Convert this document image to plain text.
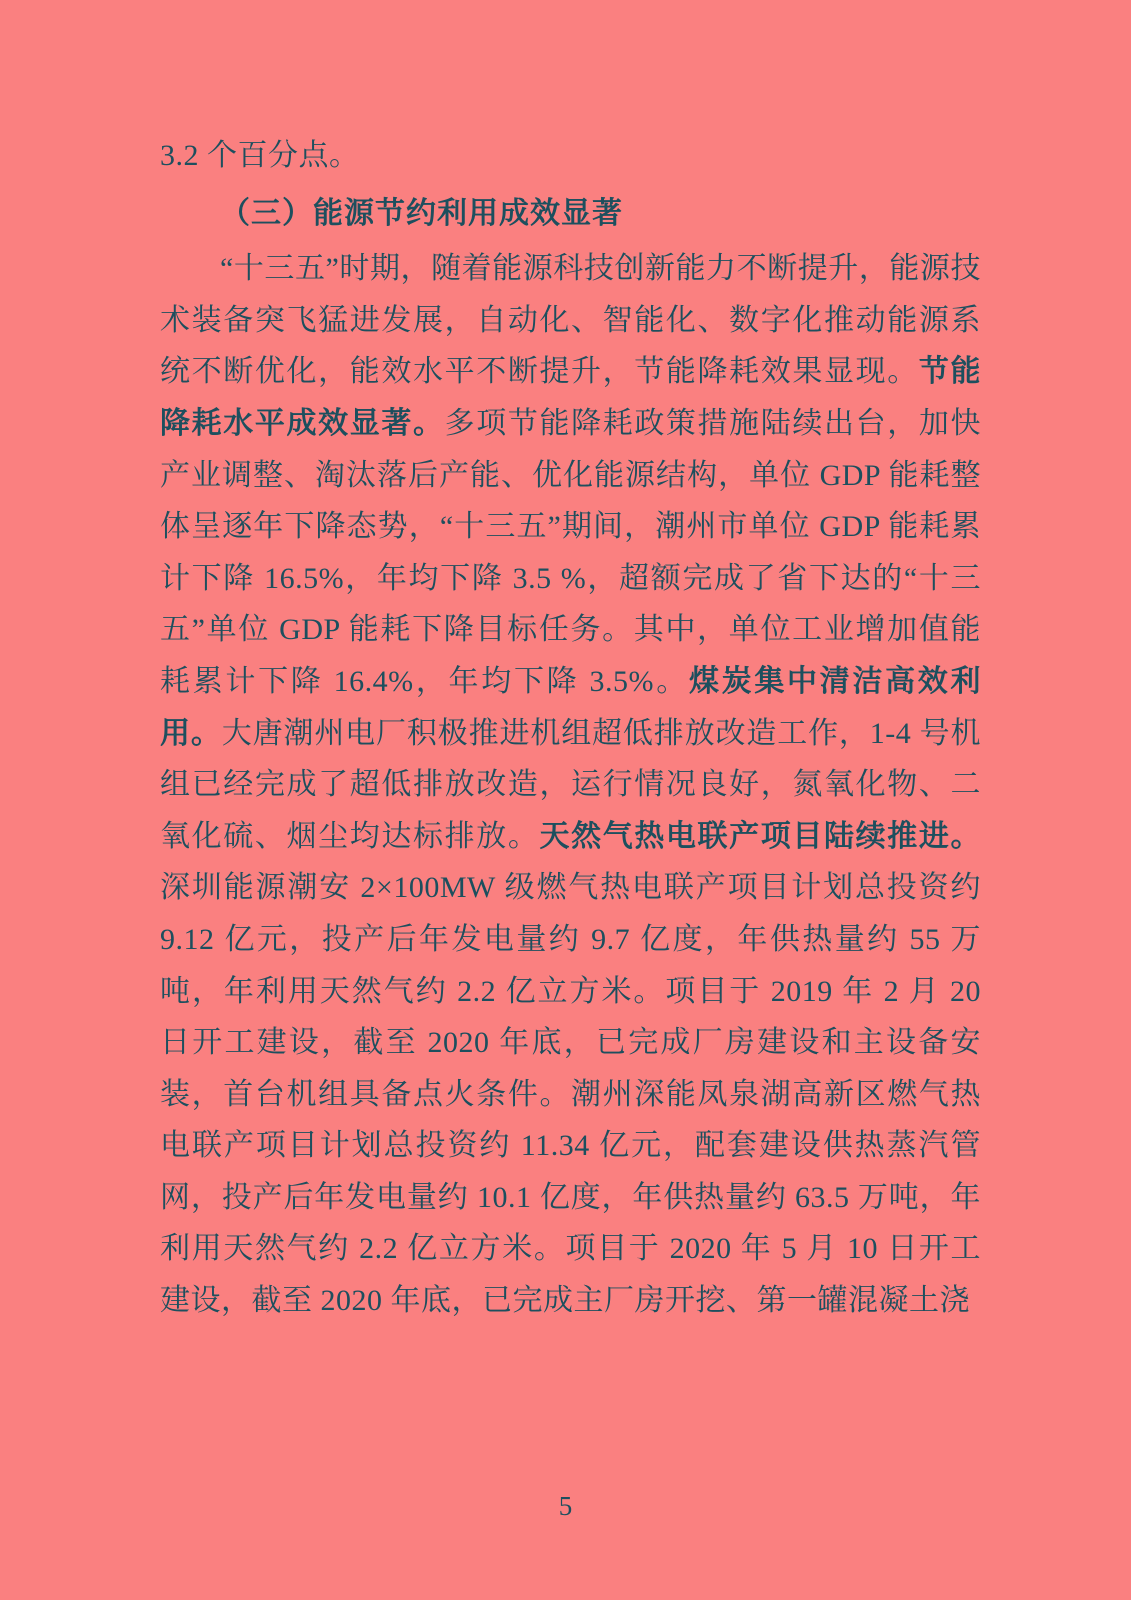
3.2 个百分点。

（三）能源节约利用成效显著

“十三五”时期，随着能源科技创新能力不断提升，能源技术装备突飞猛进发展，自动化、智能化、数字化推动能源系统不断优化，能效水平不断提升，节能降耗效果显现。节能降耗水平成效显著。多项节能降耗政策措施陆续出台，加快产业调整、淘汰落后产能、优化能源结构，单位 GDP 能耗整体呈逐年下降态势，“十三五”期间，潮州市单位 GDP 能耗累计下降 16.5%，年均下降 3.5 %，超额完成了省下达的“十三五”单位 GDP 能耗下降目标任务。其中，单位工业增加值能耗累计下降 16.4%，年均下降 3.5%。煤炭集中清洁高效利用。大唐潮州电厂积极推进机组超低排放改造工作，1-4 号机组已经完成了超低排放改造，运行情况良好，氮氧化物、二氧化硫、烟尘均达标排放。天然气热电联产项目陆续推进。深圳能源潮安 2×100MW 级燃气热电联产项目计划总投资约 9.12 亿元，投产后年发电量约 9.7 亿度，年供热量约 55 万吨，年利用天然气约 2.2 亿立方米。项目于 2019 年 2 月 20 日开工建设，截至 2020 年底，已完成厂房建设和主设备安装，首台机组具备点火条件。潮州深能凤泉湖高新区燃气热电联产项目计划总投资约 11.34 亿元，配套建设供热蒸汽管网，投产后年发电量约 10.1 亿度，年供热量约 63.5 万吨，年利用天然气约 2.2 亿立方米。项目于 2020 年 5 月 10 日开工建设，截至 2020 年底，已完成主厂房开挖、第一罐混凝土浇

5
